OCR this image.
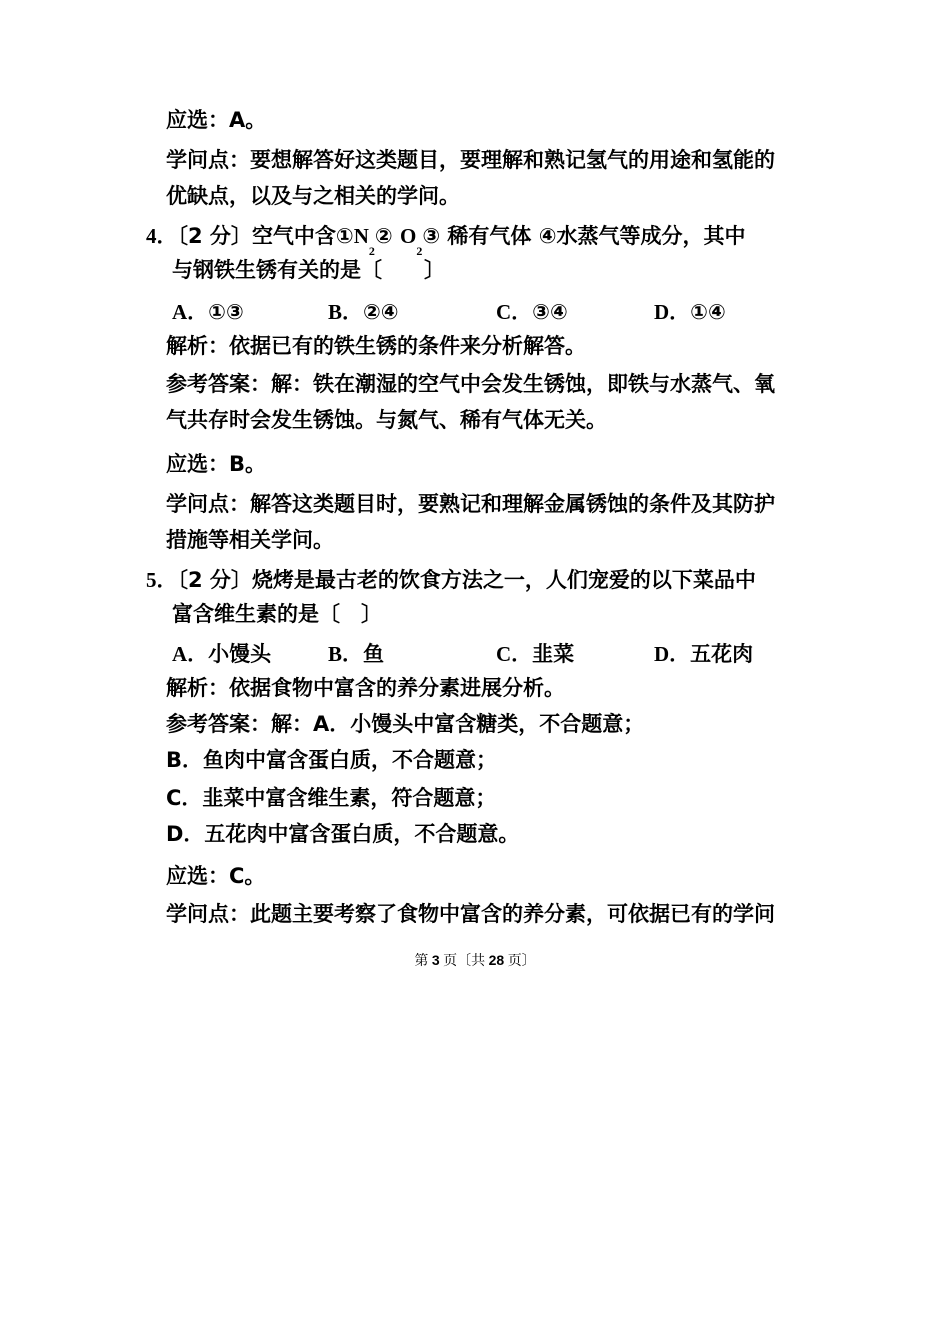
应选：A。
学问点：要想解答好这类题目，要理解和熟记氢气的用途和氢能的
优缺点，以及与之相关的学问。
4．〔2 分〕空气中含$①N_2②$ $O_2③$ 稀有气体 ④水蒸气等成分，其中
与钢铁生锈有关的是〔　　〕
A．①③	B．②④	C．③④	D．①④
解析：依据已有的铁生锈的条件来分析解答。
参考答案：解：铁在潮湿的空气中会发生锈蚀，即铁与水蒸气、氧
气共存时会发生锈蚀。与氮气、稀有气体无关。
应选：B。
学问点：解答这类题目时，要熟记和理解金属锈蚀的条件及其防护
措施等相关学问。
5．〔2 分〕烧烤是最古老的饮食方法之一，人们宠爱的以下菜品中
富含维生素的是〔　〕
A．小馒头	B．鱼	C．韭菜	D．五花肉
解析：依据食物中富含的养分素进展分析。
参考答案：解：A．小馒头中富含糖类，不合题意；
B．鱼肉中富含蛋白质，不合题意；
C．韭菜中富含维生素，符合题意；
D．五花肉中富含蛋白质，不合题意。
应选：C。
学问点：此题主要考察了食物中富含的养分素，可依据已有的学问
第 3 页〔共 28 页〕
